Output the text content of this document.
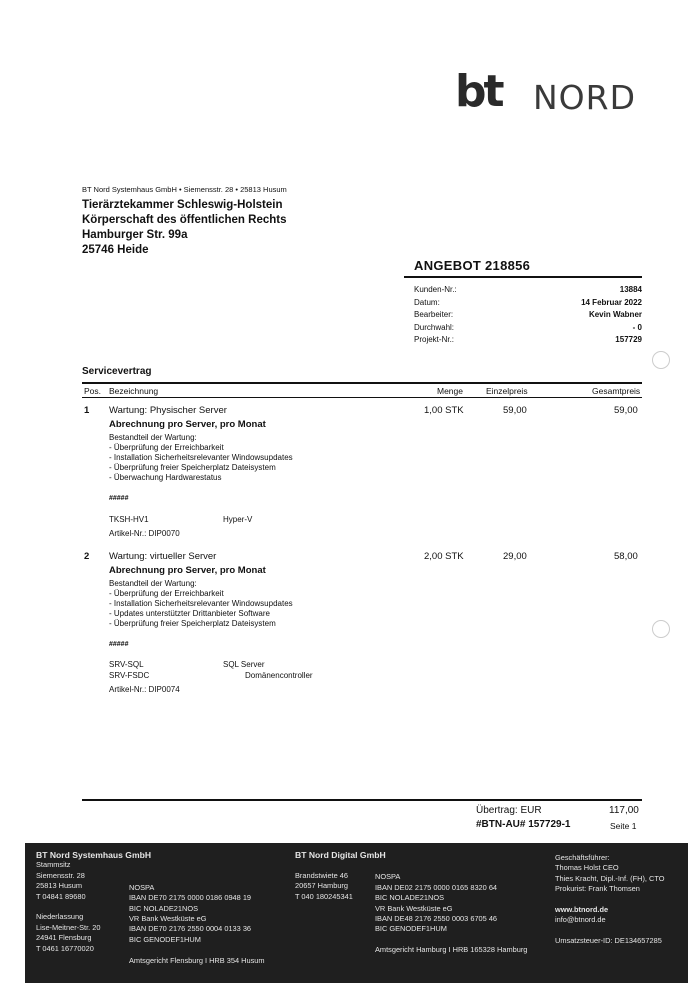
bt NORD
BT Nord Systemhaus GmbH • Siemensstr. 28 • 25813 Husum
Tierärztekammer Schleswig-Holstein
Körperschaft des öffentlichen Rechts
Hamburger Str. 99a
25746 Heide
ANGEBOT 218856
Kunden-Nr.:	13884
Datum:	14 Februar 2022
Bearbeiter:	Kevin Wabner
Durchwahl:	- 0
Projekt-Nr.:	157729
Servicevertrag
Pos. Bezeichnung	Menge	Einzelpreis	Gesamtpreis
1 Wartung: Physischer Server	1,00 STK	59,00	59,00
Abrechnung pro Server, pro Monat
Bestandteil der Wartung:
- Überprüfung der Erreichbarkeit
- Installation Sicherheitsrelevanter Windowsupdates
- Überprüfung freier Speicherplatz Dateisystem
- Überwachung Hardwarestatus
#####
TKSH-HV1	Hyper-V
Artikel-Nr.: DIP0070
2 Wartung: virtueller Server	2,00 STK	29,00	58,00
Abrechnung pro Server, pro Monat
Bestandteil der Wartung:
- Überprüfung der Erreichbarkeit
- Installation Sicherheitsrelevanter Windowsupdates
- Updates unterstützter Drittanbieter Software
- Überprüfung freier Speicherplatz Dateisystem
#####
SRV-SQL	SQL Server
SRV-FSDC	Domänencontroller
Artikel-Nr.: DIP0074
Übertrag: EUR	117,00
#BTN-AU# 157729-1	Seite 1
BT Nord Systemhaus GmbH
Stammsitz
Siemensstr. 28
25813 Husum
T 04841 89680
Niederlassung
Lise-Meitner-Str. 20
24941 Flensburg
T 0461 16770020
NOSPA
IBAN DE70 2175 0000 0186 0948 19
BIC NOLADE21NOS
VR Bank Westküste eG
IBAN DE70 2176 2550 0004 0133 36
BIC GENODEF1HUM
Amtsgericht Flensburg I HRB 354 Husum
BT Nord Digital GmbH
Brandstwiete 46
20657 Hamburg
T 040 180245341
NOSPA
IBAN DE02 2175 0000 0165 8320 64
BIC NOLADE21NOS
VR Bank Westküste eG
IBAN DE48 2176 2550 0003 6705 46
BIC GENODEF1HUM
Amtsgericht Hamburg I HRB 165328 Hamburg
Geschäftsführer:
Thomas Holst CEO
Thies Kracht, Dipl.-Inf. (FH), CTO
Prokurist: Frank Thomsen
www.btnord.de
info@btnord.de
Umsatzsteuer-ID: DE134657285
